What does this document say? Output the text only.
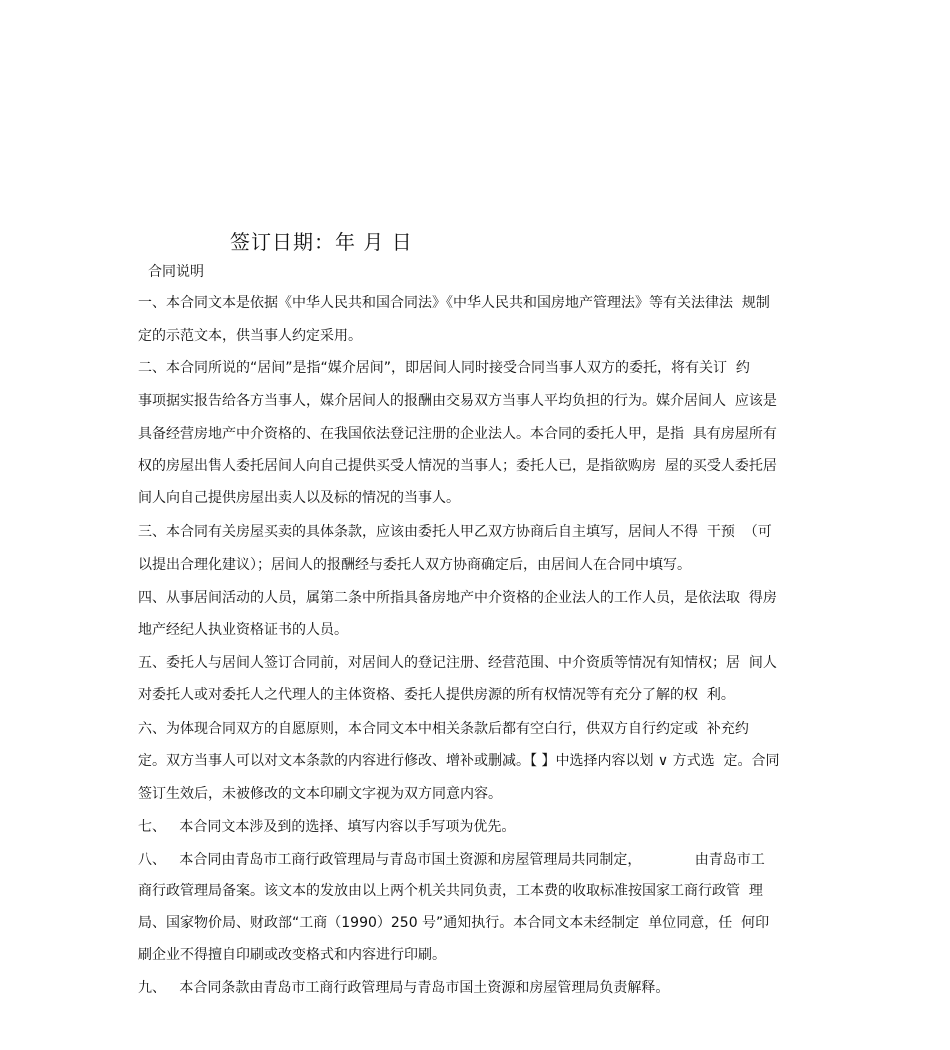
签订日期：年 月 日
合同说明
一、本合同文本是依据《中华人民共和国合同法》《中华人民共和国房地产管理法》等有关法律法  规制
定的示范文本，供当事人约定采用。
二、本合同所说的“居间”是指“媒介居间”，即居间人同时接受合同当事人双方的委托，将有关订  约
事项据实报告给各方当事人，媒介居间人的报酬由交易双方当事人平均负担的行为。媒介居间人  应该是
具备经营房地产中介资格的、在我国依法登记注册的企业法人。本合同的委托人甲，是指  具有房屋所有
权的房屋出售人委托居间人向自己提供买受人情况的当事人；委托人已，是指欲购房  屋的买受人委托居
间人向自己提供房屋出卖人以及标的情况的当事人。
三、本合同有关房屋买卖的具体条款，应该由委托人甲乙双方协商后自主填写，居间人不得  干预  （可
以提出合理化建议）；居间人的报酬经与委托人双方协商确定后，由居间人在合同中填写。
四、从事居间活动的人员，属第二条中所指具备房地产中介资格的企业法人的工作人员，是依法取  得房
地产经纪人执业资格证书的人员。
五、委托人与居间人签订合同前，对居间人的登记注册、经营范围、中介资质等情况有知情权；居  间人
对委托人或对委托人之代理人的主体资格、委托人提供房源的所有权情况等有充分了解的权  利。
六、为体现合同双方的自愿原则，本合同文本中相关条款后都有空白行，供双方自行约定或  补充约
定。双方当事人可以对文本条款的内容进行修改、增补或删减。【 】中选择内容以划 ∨ 方式选  定。合同
签订生效后，未被修改的文本印刷文字视为双方同意内容。
七、   本合同文本涉及到的选择、填写内容以手写项为优先。
八、   本合同由青岛市工商行政管理局与青岛市国土资源和房屋管理局共同制定，            由青岛市工
商行政管理局备案。该文本的发放由以上两个机关共同负责，工本费的收取标准按国家工商行政管  理
局、国家物价局、财政部“工商（1990）250 号”通知执行。本合同文本未经制定  单位同意，任  何印
刷企业不得擅自印刷或改变格式和内容进行印刷。
九、   本合同条款由青岛市工商行政管理局与青岛市国土资源和房屋管理局负责解释。
